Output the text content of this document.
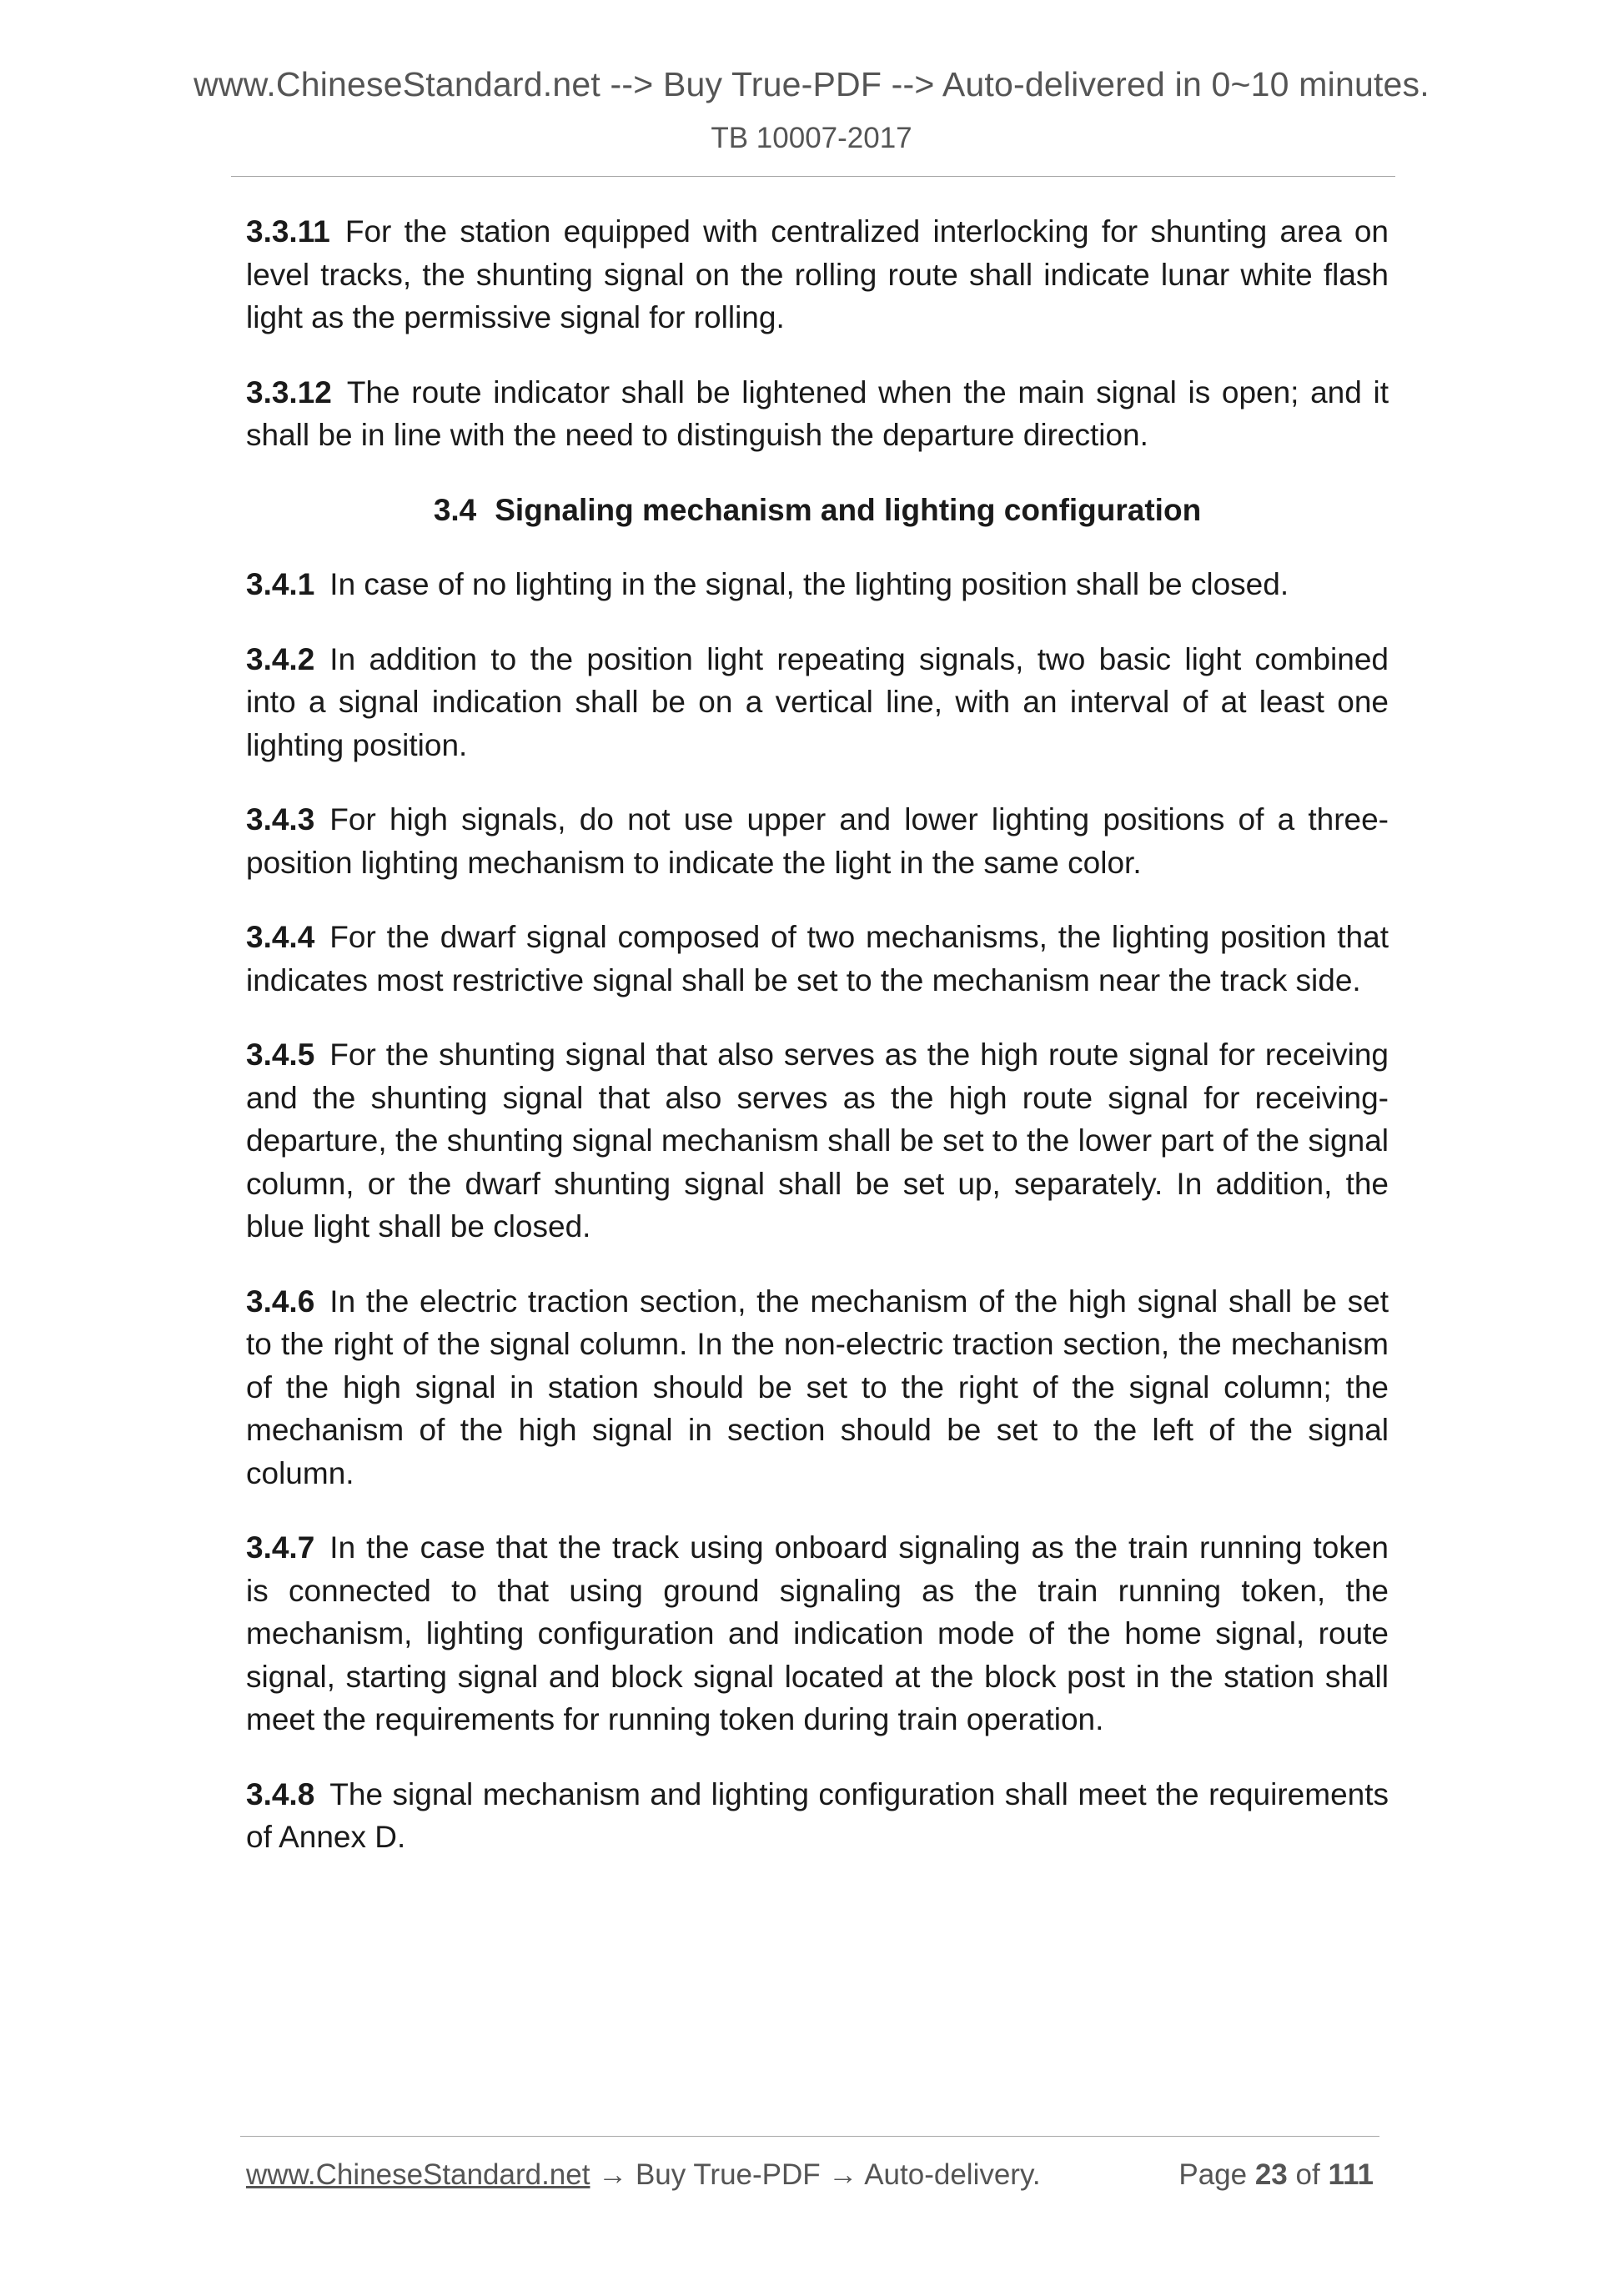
www.ChineseStandard.net --> Buy True-PDF --> Auto-delivered in 0~10 minutes.
TB 10007-2017

3.3.11 For the station equipped with centralized interlocking for shunting area on level tracks, the shunting signal on the rolling route shall indicate lunar white flash light as the permissive signal for rolling.

3.3.12 The route indicator shall be lightened when the main signal is open; and it shall be in line with the need to distinguish the departure direction.

3.4 Signaling mechanism and lighting configuration

3.4.1 In case of no lighting in the signal, the lighting position shall be closed.

3.4.2 In addition to the position light repeating signals, two basic light combined into a signal indication shall be on a vertical line, with an interval of at least one lighting position.

3.4.3 For high signals, do not use upper and lower lighting positions of a three-position lighting mechanism to indicate the light in the same color.

3.4.4 For the dwarf signal composed of two mechanisms, the lighting position that indicates most restrictive signal shall be set to the mechanism near the track side.

3.4.5 For the shunting signal that also serves as the high route signal for receiving and the shunting signal that also serves as the high route signal for receiving-departure, the shunting signal mechanism shall be set to the lower part of the signal column, or the dwarf shunting signal shall be set up, separately. In addition, the blue light shall be closed.

3.4.6 In the electric traction section, the mechanism of the high signal shall be set to the right of the signal column. In the non-electric traction section, the mechanism of the high signal in station should be set to the right of the signal column; the mechanism of the high signal in section should be set to the left of the signal column.

3.4.7 In the case that the track using onboard signaling as the train running token is connected to that using ground signaling as the train running token, the mechanism, lighting configuration and indication mode of the home signal, route signal, starting signal and block signal located at the block post in the station shall meet the requirements for running token during train operation.

3.4.8 The signal mechanism and lighting configuration shall meet the requirements of Annex D.

www.ChineseStandard.net → Buy True-PDF → Auto-delivery.	Page 23 of 111
